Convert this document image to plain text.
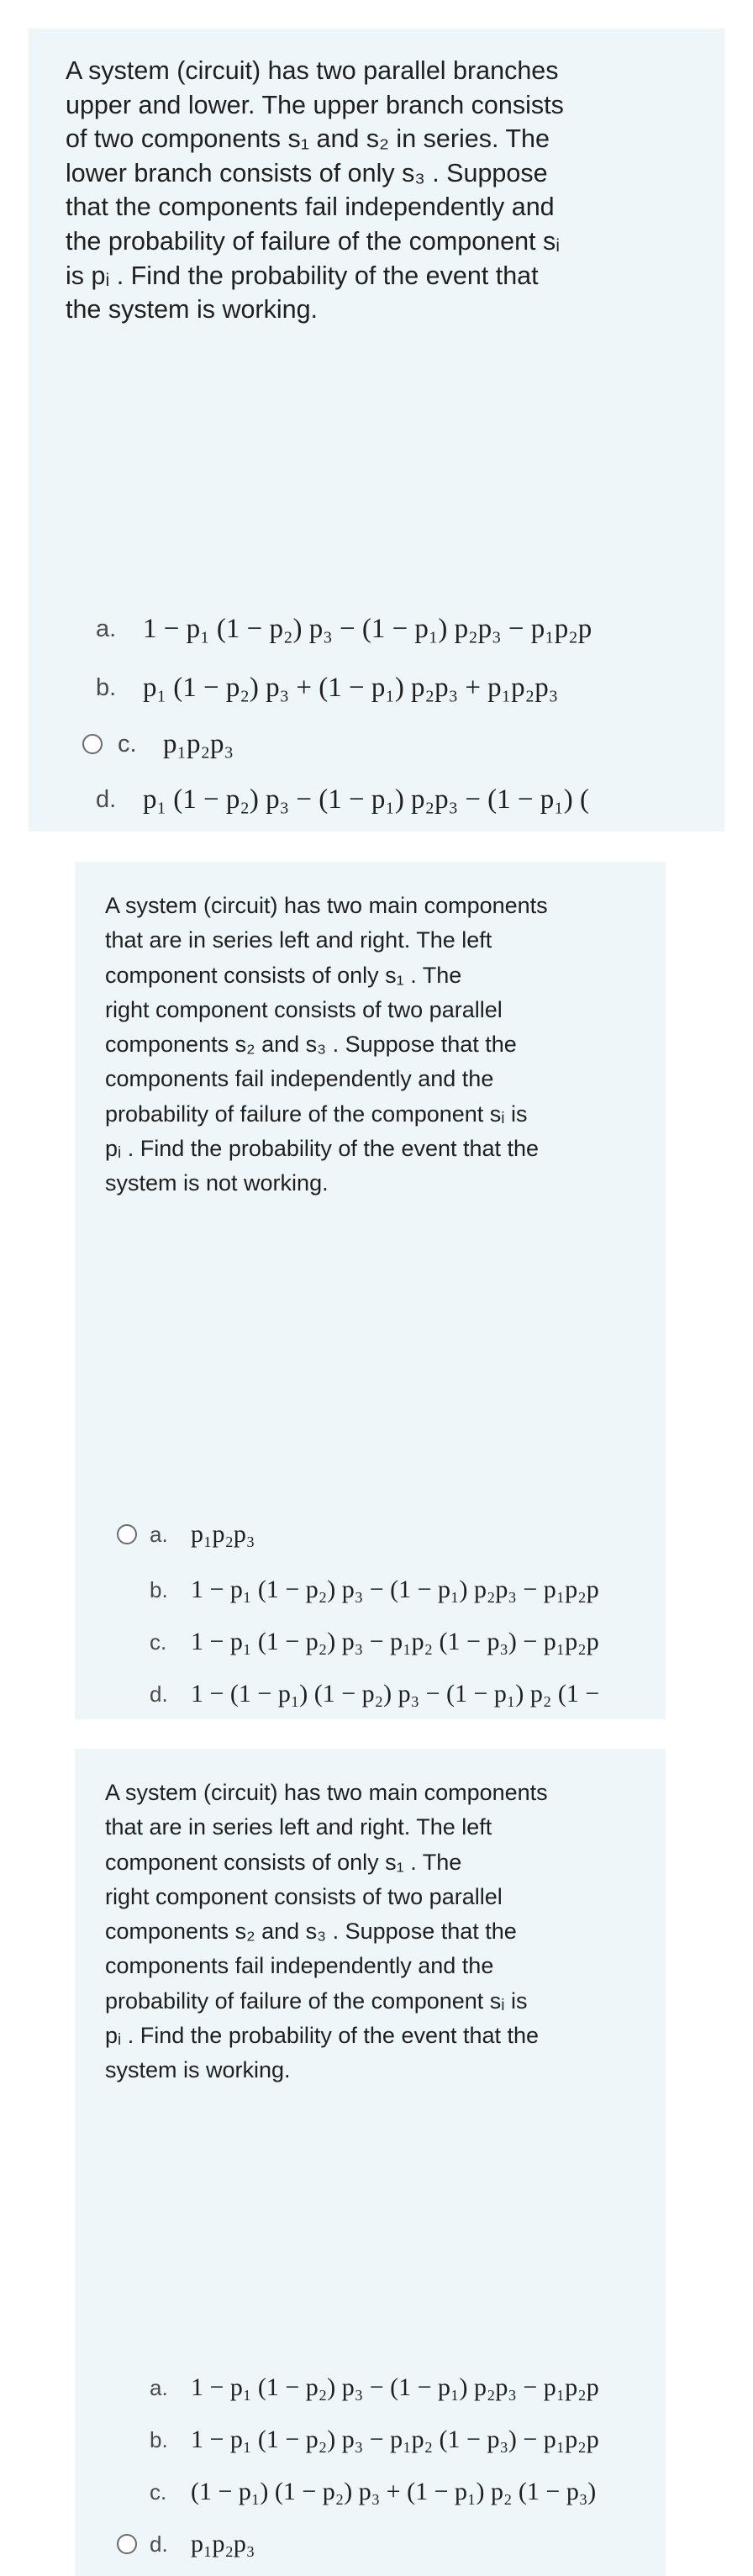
A system (circuit) has two parallel branches
upper and lower. The upper branch consists
of two components s₁ and s₂ in series. The
lower branch consists of only s₃ . Suppose
that the components fail independently and
the probability of failure of the component sᵢ
is pᵢ . Find the probability of the event that
the system is working.

a. 1 − p₁ (1 − p₂) p₃ − (1 − p₁) p₂p₃ − p₁p₂p
b. p₁ (1 − p₂) p₃ + (1 − p₁) p₂p₃ + p₁p₂p₃
c. p₁p₂p₃
d. p₁ (1 − p₂) p₃ − (1 − p₁) p₂p₃ − (1 − p₁) (

A system (circuit) has two main components
that are in series left and right. The left
component consists of only s₁ . The
right component consists of two parallel
components s₂ and s₃ . Suppose that the
components fail independently and the
probability of failure of the component sᵢ is
pᵢ . Find the probability of the event that the
system is not working.

a. p₁p₂p₃
b. 1 − p₁ (1 − p₂) p₃ − (1 − p₁) p₂p₃ − p₁p₂p
c. 1 − p₁ (1 − p₂) p₃ − p₁p₂ (1 − p₃) − p₁p₂p
d. 1 − (1 − p₁) (1 − p₂) p₃ − (1 − p₁) p₂ (1 −

A system (circuit) has two main components
that are in series left and right. The left
component consists of only s₁ . The
right component consists of two parallel
components s₂ and s₃ . Suppose that the
components fail independently and the
probability of failure of the component sᵢ is
pᵢ . Find the probability of the event that the
system is working.

a. 1 − p₁ (1 − p₂) p₃ − (1 − p₁) p₂p₃ − p₁p₂p
b. 1 − p₁ (1 − p₂) p₃ − p₁p₂ (1 − p₃) − p₁p₂p
c. (1 − p₁) (1 − p₂) p₃ + (1 − p₁) p₂ (1 − p₃)
d. p₁p₂p₃
